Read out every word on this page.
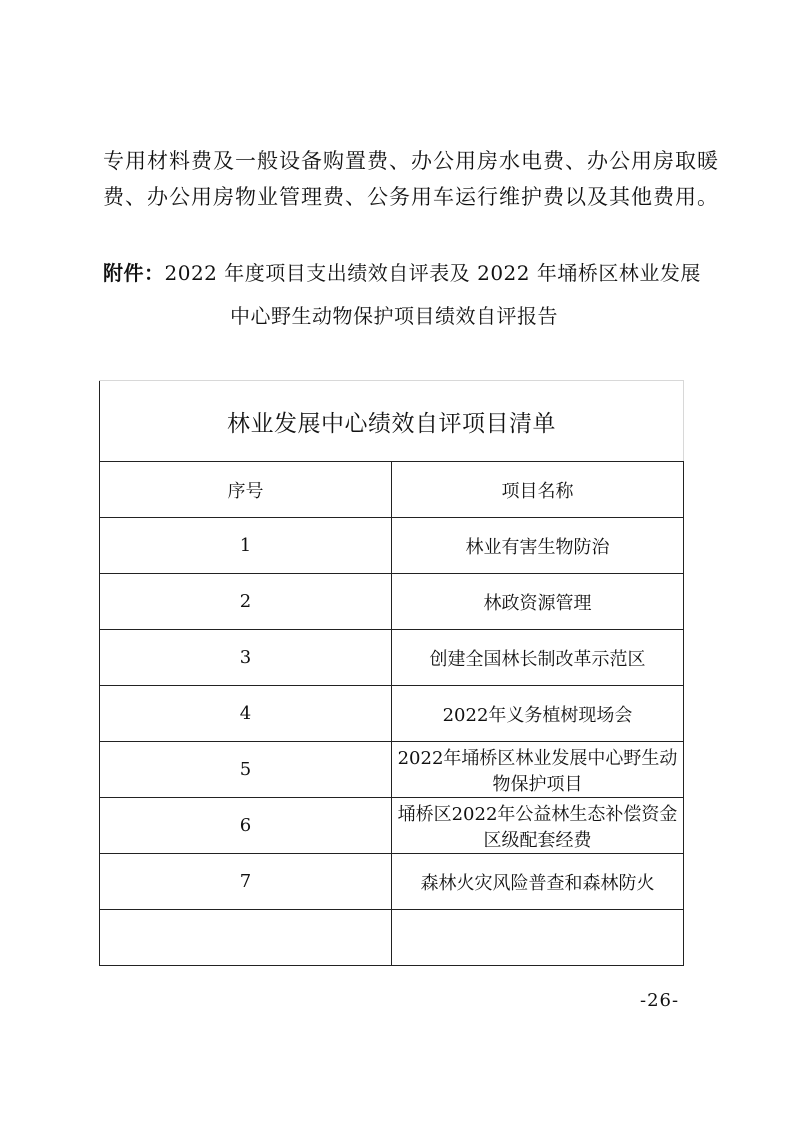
专用材料费及一般设备购置费、办公用房水电费、办公用房取暖
费、办公用房物业管理费、公务用车运行维护费以及其他费用。
附件：2022 年度项目支出绩效自评表及 2022 年埇桥区林业发展
中心野生动物保护项目绩效自评报告
林业发展中心绩效自评项目清单	
序号	项目名称
1	林业有害生物防治
2	林政资源管理
3	创建全国林长制改革示范区
4	2022年义务植树现场会
5	2022年埇桥区林业发展中心野生动物保护项目
6	埇桥区2022年公益林生态补偿资金区级配套经费
7	森林火灾风险普查和森林防火

-26-
